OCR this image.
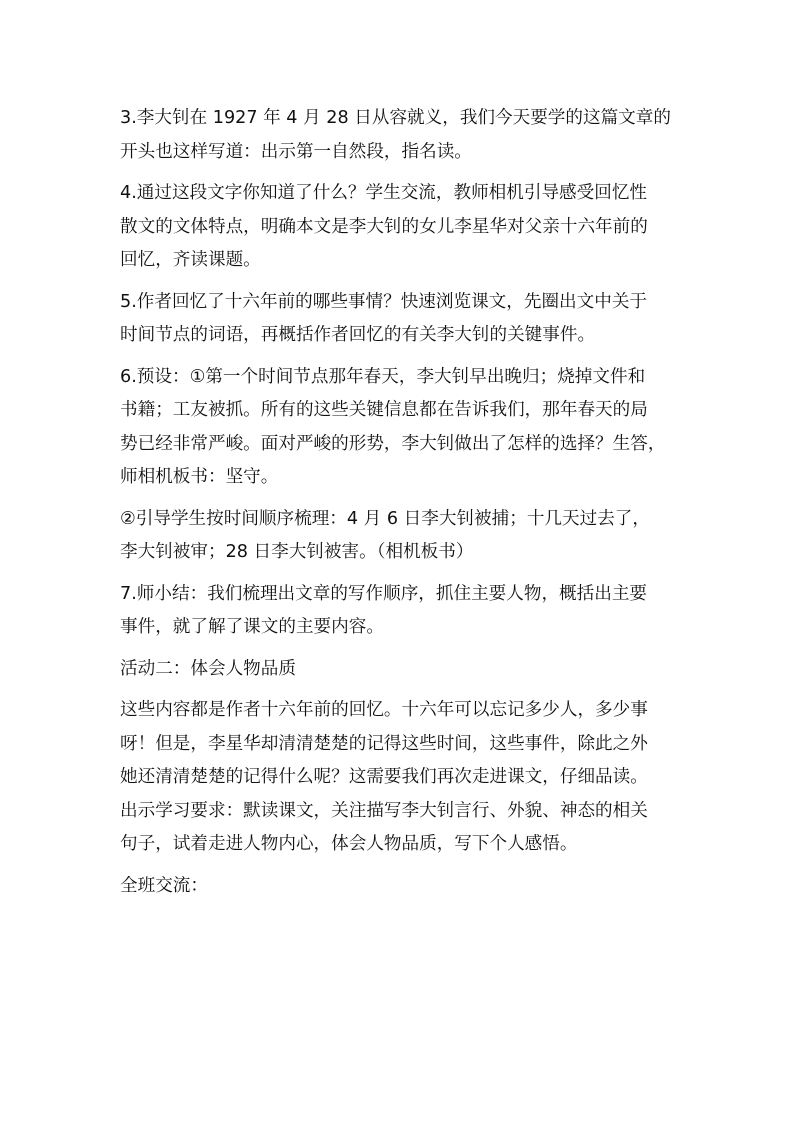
3.李大钊在 1927 年 4 月 28 日从容就义，我们今天要学的这篇文章的
开头也这样写道：出示第一自然段，指名读。

4.通过这段文字你知道了什么？学生交流，教师相机引导感受回忆性
散文的文体特点，明确本文是李大钊的女儿李星华对父亲十六年前的
回忆，齐读课题。

5.作者回忆了十六年前的哪些事情？快速浏览课文，先圈出文中关于
时间节点的词语，再概括作者回忆的有关李大钊的关键事件。

6.预设：①第一个时间节点那年春天，李大钊早出晚归；烧掉文件和
书籍；工友被抓。所有的这些关键信息都在告诉我们，那年春天的局
势已经非常严峻。面对严峻的形势，李大钊做出了怎样的选择？生答，
师相机板书：坚守。

②引导学生按时间顺序梳理：4 月 6 日李大钊被捕；十几天过去了，
李大钊被审；28 日李大钊被害。（相机板书）

7.师小结：我们梳理出文章的写作顺序，抓住主要人物，概括出主要
事件，就了解了课文的主要内容。

活动二：体会人物品质

这些内容都是作者十六年前的回忆。十六年可以忘记多少人，多少事
呀！但是，李星华却清清楚楚的记得这些时间，这些事件，除此之外
她还清清楚楚的记得什么呢？这需要我们再次走进课文，仔细品读。
出示学习要求：默读课文，关注描写李大钊言行、外貌、神态的相关
句子，试着走进人物内心，体会人物品质，写下个人感悟。

全班交流：
